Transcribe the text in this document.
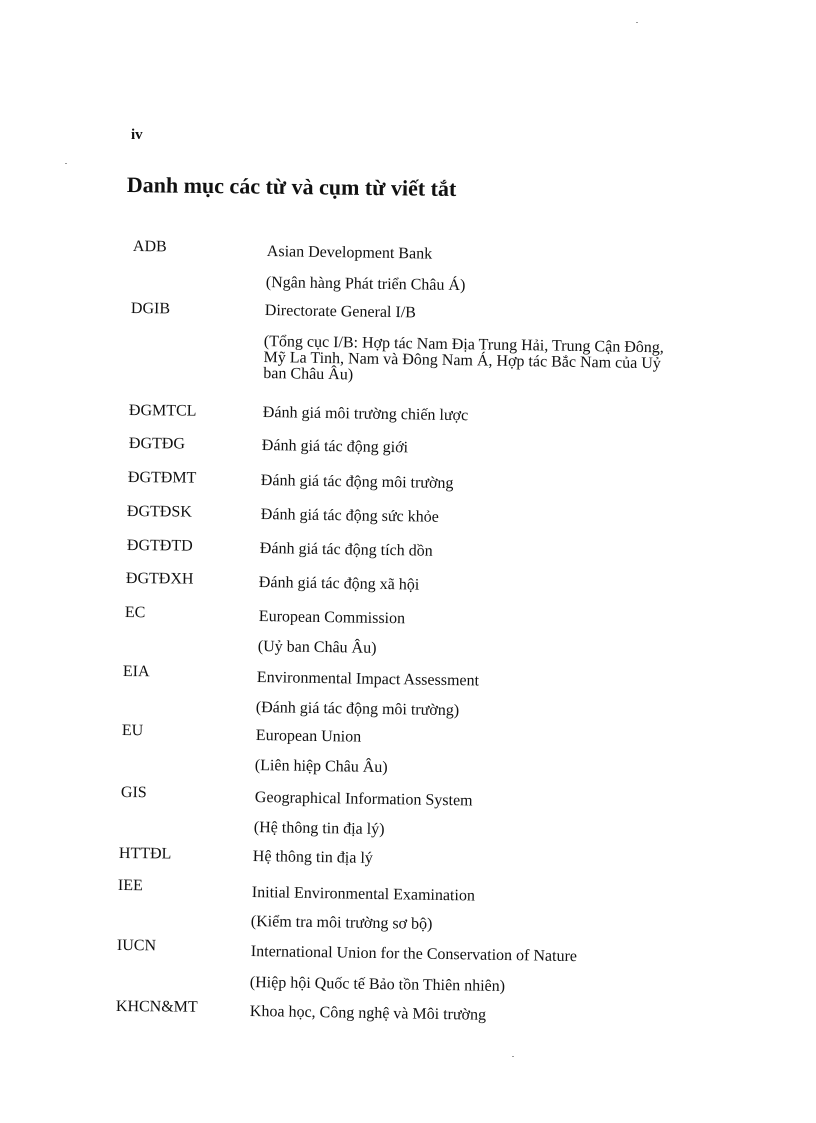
iv
Danh mục các từ và cụm từ viết tắt
ADB	Asian Development Bank
(Ngân hàng Phát triển Châu Á)
DGIB	Directorate General I/B
(Tổng cục I/B: Hợp tác Nam Địa Trung Hải, Trung Cận Đông, Mỹ La Tinh, Nam và Đông Nam Á, Hợp tác Bắc Nam của Uỷ ban Châu Âu)
ĐGMTCL	Đánh giá môi trường chiến lược
ĐGTĐG	Đánh giá tác động giới
ĐGTĐMT	Đánh giá tác động môi trường
ĐGTĐSK	Đánh giá tác động sức khỏe
ĐGTĐTD	Đánh giá tác động tích dồn
ĐGTĐXH	Đánh giá tác động xã hội
EC	European Commission
(Uỷ ban Châu Âu)
EIA	Environmental Impact Assessment
(Đánh giá tác động môi trường)
EU	European Union
(Liên hiệp Châu Âu)
GIS	Geographical Information System
(Hệ thông tin địa lý)
HTTĐL	Hệ thông tin địa lý
IEE	Initial Environmental Examination
(Kiểm tra môi trường sơ bộ)
IUCN	International Union for the Conservation of Nature
(Hiệp hội Quốc tế Bảo tồn Thiên nhiên)
KHCN&MT	Khoa học, Công nghệ và Môi trường
